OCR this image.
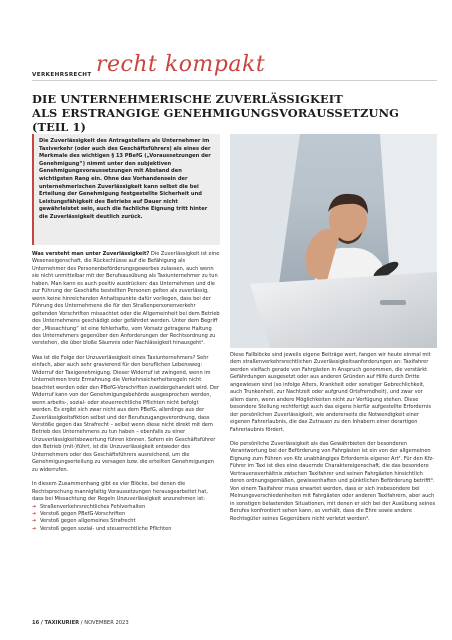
VERKEHRSRECHT recht kompakt
DIE UNTERNEHMERISCHE ZUVERLÄSSIGKEIT
ALS ERSTRANGIGE GENEHMIGUNGSVORAUSSETZUNG (TEIL 1)

Die Zuverlässigkeit des Antragstellers als Unternehmer im Taxiverkehr (oder auch des Geschäftsführers) als eines der Merkmale des wichtigen § 13 PBefG („Voraussetzungen der Genehmigung“) nimmt unter den subjektiven Genehmigungsvoraussetzungen mit Abstand den wichtigsten Rang ein. Ohne das Vorhandensein der unternehmerischen Zuverlässigkeit kann selbst die bei Erteilung der Genehmigung festgestellte Sicherheit und Leistungsfähigkeit des Betriebs auf Dauer nicht gewährleistet sein, auch die fachliche Eignung tritt hinter die Zuverlässigkeit deutlich zurück.

Was versteht man unter Zuverlässigkeit? Die Zuverlässigkeit ist eine Wesenseigenschaft, die Rückschlüsse auf die Befähigung als Unternehmer des Personenbeförderungsgewerbes zulassen, auch wenn sie nicht unmittelbar mit der Berufsausübung als Taxiunternehmer zu tun haben. Man kann es auch positiv ausdrücken: das Unternehmen und die zur Führung der Geschäfte bestellten Personen gelten als zuverlässig, wenn keine hinreichenden Anhaltspunkte dafür vorliegen, dass bei der Führung des Unternehmens die für den Straßenpersonenverkehr geltenden Vorschriften missachtet oder die Allgemeinheit bei dem Betrieb des Unternehmens geschädigt oder gefährdet werden. Unter dem Begriff der „Missachtung“ ist eine fehlerhafte, vom Vorsatz getragene Haltung des Unternehmers gegenüber den Anforderungen der Rechtsordnung zu verstehen, die über bloße Säumnis oder Nachlässigkeit hinausgeht¹.

Was ist die Folge der Unzuverlässigkeit eines Taxiunternehmers? Sehr einfach, aber auch sehr gravierend für den beruflichen Lebensweg: Widerruf der Taxigenehmigung. Dieser Widerruf ist zwingend, wenn im Unternehmen trotz Ermahnung die Verkehrssicherheitsregeln nicht beachtet werden oder den PBefG-Vorschriften zuwidergehandelt wird. Der Widerruf kann von der Genehmigungsbehörde ausgesprochen werden, wenn arbeits-, sozial- oder steuerrechtliche Pflichten nicht befolgt werden. Es ergibt sich zwar nicht aus dem PBefG, allerdings aus der Zuverlässigkeitsfiktion selbst und der Berufszugangsverordnung, dass Verstöße gegen das Strafrecht – selbst wenn diese nicht direkt mit dem Betrieb des Unternehmens zu tun haben – ebenfalls zu einer Unzuverlässigkeitsbewertung führen können. Sofern ein Geschäftsführer den Betrieb (mit-)führt, ist die Unzuverlässigkeit entweder des Unternehmers oder des Geschäftsführers ausreichend, um die Genehmigungserteilung zu versagen bzw. die erteilten Genehmigungen zu widerrufen.

In diesem Zusammenhang gibt es vier Blöcke, bei denen die Rechtsprechung mannigfaltig Voraussetzungen herausgearbeitet hat, dass bei Missachtung der Regeln Unzuverlässigkeit anzunehmen ist:

➔ Straßenverkehrsrechtliches Fehlverhalten
➔ Verstoß gegen PBefG-Vorschriften
➔ Verstoß gegen allgemeines Strafrecht
➔ Verstoß gegen sozial- und steuerrechtliche Pflichten

Diese Fallblöcke sind jeweils eigene Beiträge wert, fangen wir heute einmal mit dem straßenverkehrsrechtlichen Zuverlässigkeitsanforderungen an: Taxifahrer werden vielfach gerade von Fahrgästen in Anspruch genommen, die verstärkt Gefährdungen ausgesetzt oder aus anderen Gründen auf Hilfe durch Dritte angewiesen sind (so infolge Alters, Krankheit oder sonstiger Gebrechlichkeit, auch Trunkenheit, zur Nachtzeit oder aufgrund Ortsfremdheit), und zwar vor allem dann, wenn andere Möglichkeiten nicht zur Verfügung stehen. Diese besondere Stellung rechtfertigt auch das eigens hierfür aufgestellte Erfordernis der persönlichen Zuverlässigkeit, wie andererseits die Notwendigkeit einer eigenen Fahrerlaubnis, die das Zutrauen zu den Inhabern einer derartigen Fahrerlaubnis fördert.

Die persönliche Zuverlässigkeit als das Gewährbieten der besonderen Verantwortung bei der Beförderung von Fahrgästen ist ein von der allgemeinen Eignung zum Führen von Kfz unabhängiges Erfordernis eigener Art². Für den Kfz-Führer im Taxi ist dies eine dauernde Charaktereigenschaft, die das besondere Vertrauensverhältnis zwischen Taxifahrer und seinen Fahrgästen hinsichtlich deren ordnungsgemäßen, gewissenhaften und pünktlichen Beförderung betrifft³. Von einem Taxifahrer muss erwartet werden, dass er sich insbesondere bei Meinungsverschiedenheiten mit Fahrgästen oder anderen Taxifahrern, aber auch in sonstigen belastenden Situationen, mit denen er sich bei der Ausübung seines Berufes konfrontiert sehen kann, so verhält, dass die Ehre sowie andere Rechtsgüter seines Gegenübers nicht verletzt werden⁴.

16 / TAXIKURIER / NOVEMBER 2023
